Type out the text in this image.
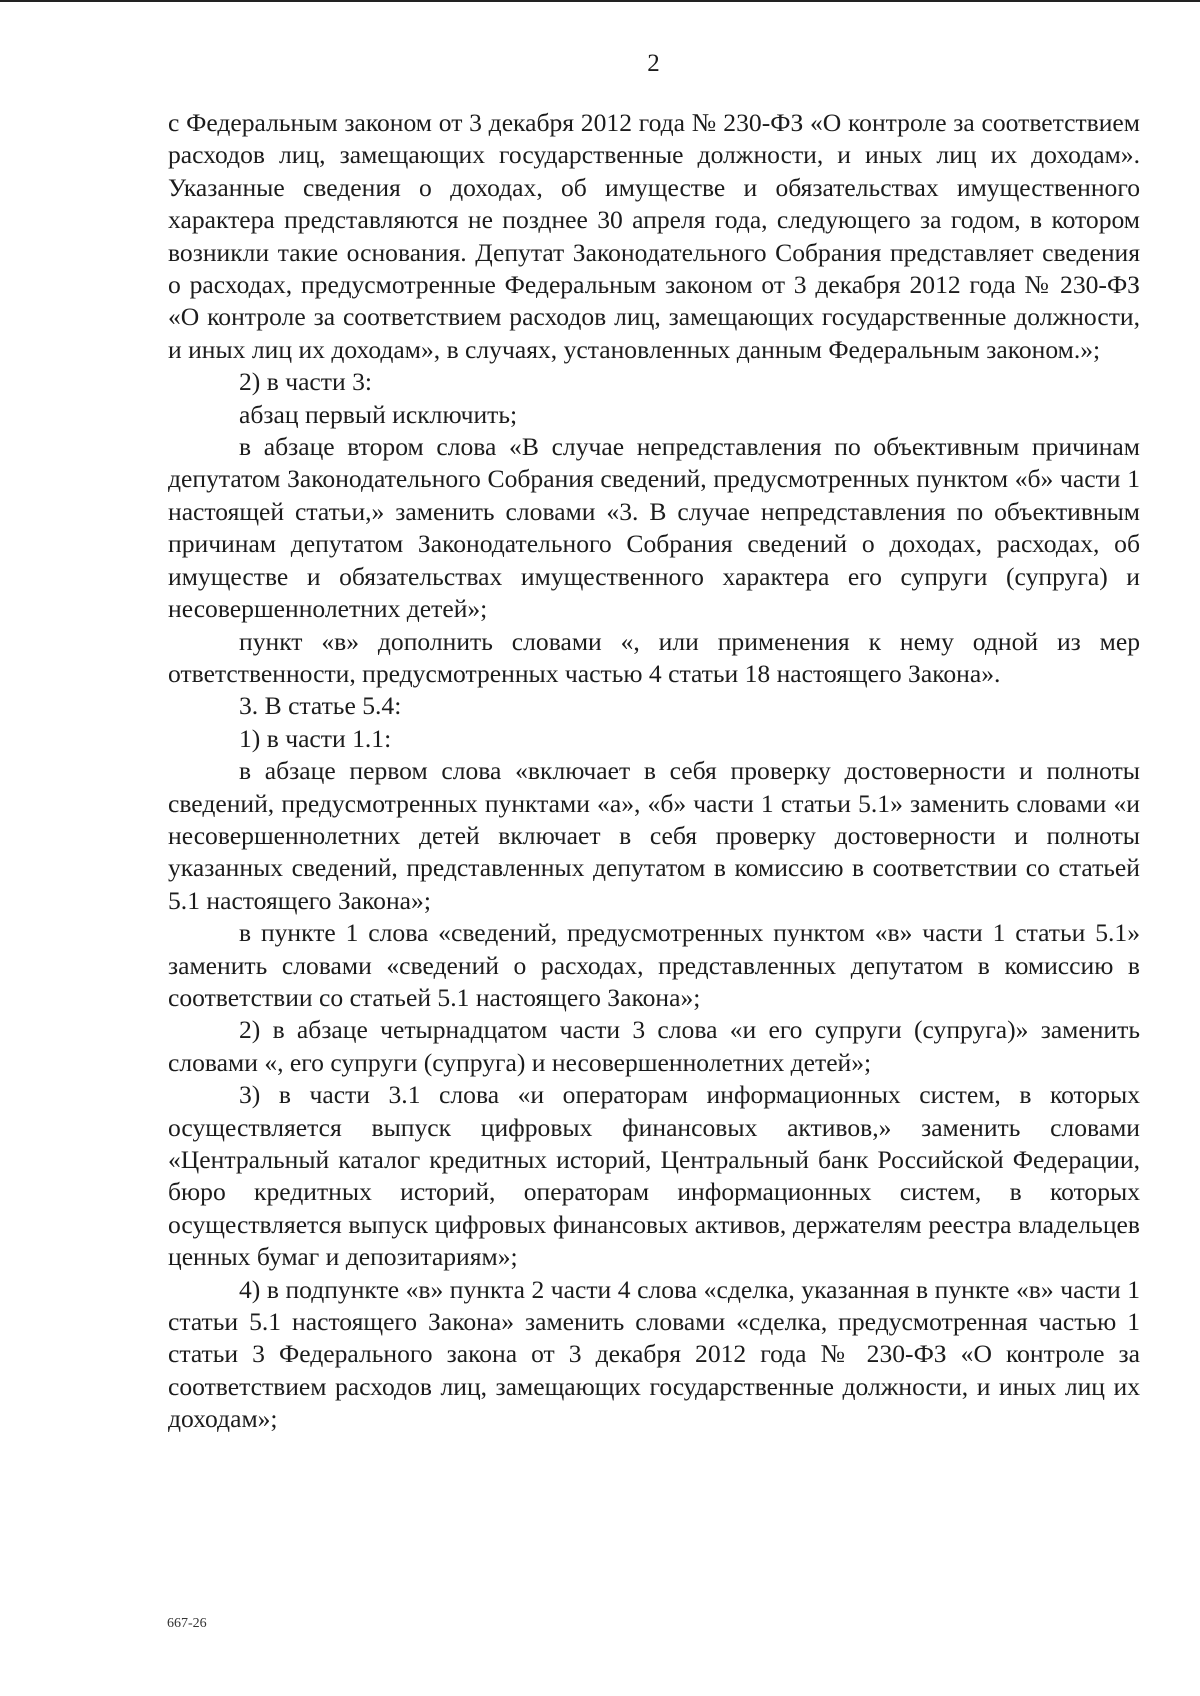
2

с Федеральным законом от 3 декабря 2012 года № 230-ФЗ «О контроле за соответствием расходов лиц, замещающих государственные должности, и иных лиц их доходам». Указанные сведения о доходах, об имуществе и обязательствах имущественного характера представляются не позднее 30 апреля года, следующего за годом, в котором возникли такие основания. Депутат Законодательного Собрания представляет сведения о расходах, предусмотренные Федеральным законом от 3 декабря 2012 года № 230-ФЗ «О контроле за соответствием расходов лиц, замещающих государственные должности, и иных лиц их доходам», в случаях, установленных данным Федеральным законом.»;

2) в части 3:

абзац первый исключить;

в абзаце втором слова «В случае непредставления по объективным причинам депутатом Законодательного Собрания сведений, предусмотренных пунктом «б» части 1 настоящей статьи,» заменить словами «3. В случае непредставления по объективным причинам депутатом Законодательного Собрания сведений о доходах, расходах, об имуществе и обязательствах имущественного характера его супруги (супруга) и несовершеннолетних детей»;

пункт «в» дополнить словами «, или применения к нему одной из мер ответственности, предусмотренных частью 4 статьи 18 настоящего Закона».

3. В статье 5.4:

1) в части 1.1:

в абзаце первом слова «включает в себя проверку достоверности и полноты сведений, предусмотренных пунктами «а», «б» части 1 статьи 5.1» заменить словами «и несовершеннолетних детей включает в себя проверку достоверности и полноты указанных сведений, представленных депутатом в комиссию в соответствии со статьей 5.1 настоящего Закона»;

в пункте 1 слова «сведений, предусмотренных пунктом «в» части 1 статьи 5.1» заменить словами «сведений о расходах, представленных депутатом в комиссию в соответствии со статьей 5.1 настоящего Закона»;

2) в абзаце четырнадцатом части 3 слова «и его супруги (супруга)» заменить словами «, его супруги (супруга) и несовершеннолетних детей»;

3) в части 3.1 слова «и операторам информационных систем, в которых осуществляется выпуск цифровых финансовых активов,» заменить словами «Центральный каталог кредитных историй, Центральный банк Российской Федерации, бюро кредитных историй, операторам информационных систем, в которых осуществляется выпуск цифровых финансовых активов, держателям реестра владельцев ценных бумаг и депозитариям»;

4) в подпункте «в» пункта 2 части 4 слова «сделка, указанная в пункте «в» части 1 статьи 5.1 настоящего Закона» заменить словами «сделка, предусмотренная частью 1 статьи 3 Федерального закона от 3 декабря 2012 года № 230-ФЗ «О контроле за соответствием расходов лиц, замещающих государственные должности, и иных лиц их доходам»;

667-26
